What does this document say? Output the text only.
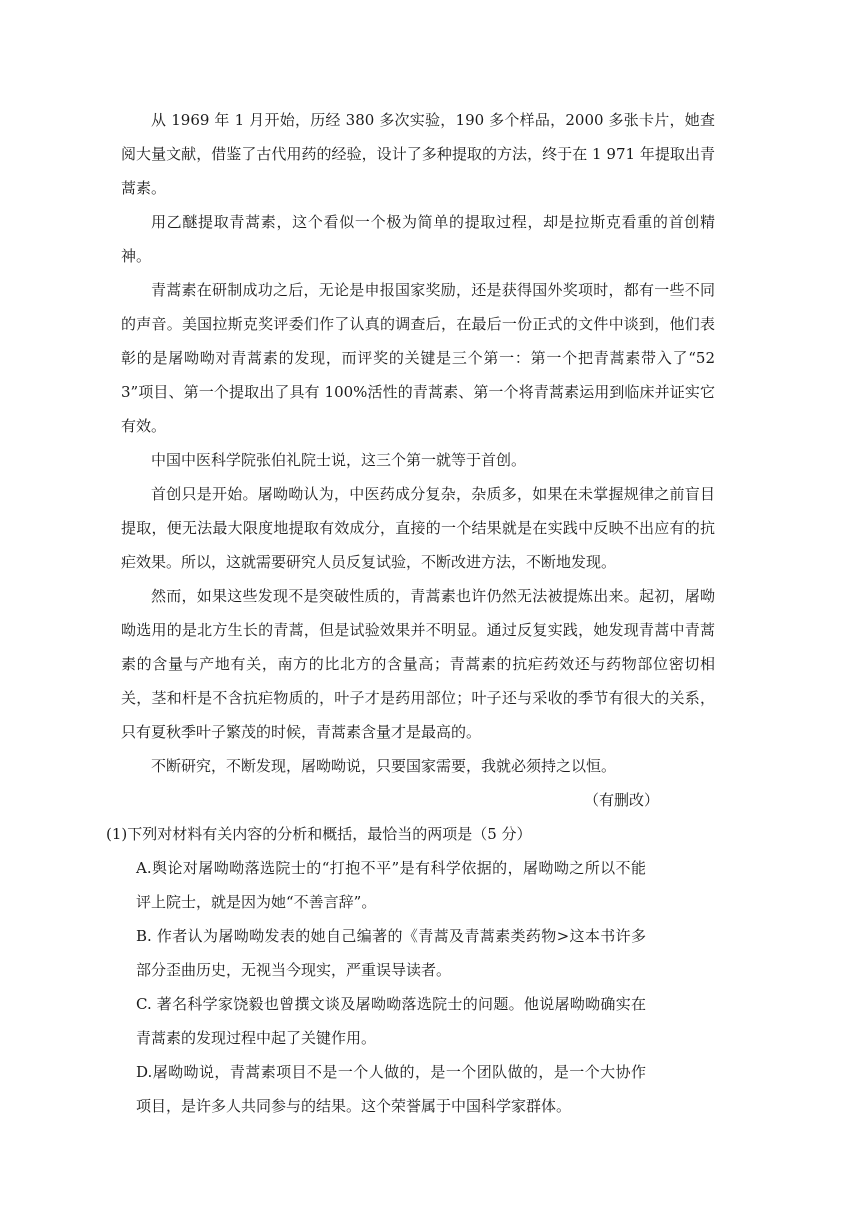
从 1969 年 1 月开始，历经 380 多次实验，190 多个样品，2000 多张卡片，她查阅大量文献，借鉴了古代用药的经验，设计了多种提取的方法，终于在 1 971 年提取出青蒿素。

用乙醚提取青蒿素，这个看似一个极为简单的提取过程，却是拉斯克看重的首创精神。

青蒿素在研制成功之后，无论是申报国家奖励，还是获得国外奖项时，都有一些不同的声音。美国拉斯克奖评委们作了认真的调查后，在最后一份正式的文件中谈到，他们表彰的是屠呦呦对青蒿素的发现，而评奖的关键是三个第一：第一个把青蒿素带入了“523”项目、第一个提取出了具有 100%活性的青蒿素、第一个将青蒿素运用到临床并证实它有效。

中国中医科学院张伯礼院士说，这三个第一就等于首创。

首创只是开始。屠呦呦认为，中医药成分复杂，杂质多，如果在未掌握规律之前盲目提取，便无法最大限度地提取有效成分，直接的一个结果就是在实践中反映不出应有的抗疟效果。所以，这就需要研究人员反复试验，不断改进方法，不断地发现。

然而，如果这些发现不是突破性质的，青蒿素也许仍然无法被提炼出来。起初，屠呦呦选用的是北方生长的青蒿，但是试验效果并不明显。通过反复实践，她发现青蒿中青蒿素的含量与产地有关，南方的比北方的含量高；青蒿素的抗疟药效还与药物部位密切相关，茎和杆是不含抗疟物质的，叶子才是药用部位；叶子还与采收的季节有很大的关系，只有夏秋季叶子繁茂的时候，青蒿素含量才是最高的。

不断研究，不断发现，屠呦呦说，只要国家需要，我就必须持之以恒。

（有删改）

(1)下列对材料有关内容的分析和概括，最恰当的两项是（5 分）

A.舆论对屠呦呦落选院士的“打抱不平”是有科学依据的，屠呦呦之所以不能评上院士，就是因为她“不善言辞”。

B. 作者认为屠呦呦发表的她自己编著的《青蒿及青蒿素类药物>这本书许多部分歪曲历史，无视当今现实，严重误导读者。

C. 著名科学家饶毅也曾撰文谈及屠呦呦落选院士的问题。他说屠呦呦确实在青蒿素的发现过程中起了关键作用。

D.屠呦呦说，青蒿素项目不是一个人做的，是一个团队做的，是一个大协作项目，是许多人共同参与的结果。这个荣誉属于中国科学家群体。
